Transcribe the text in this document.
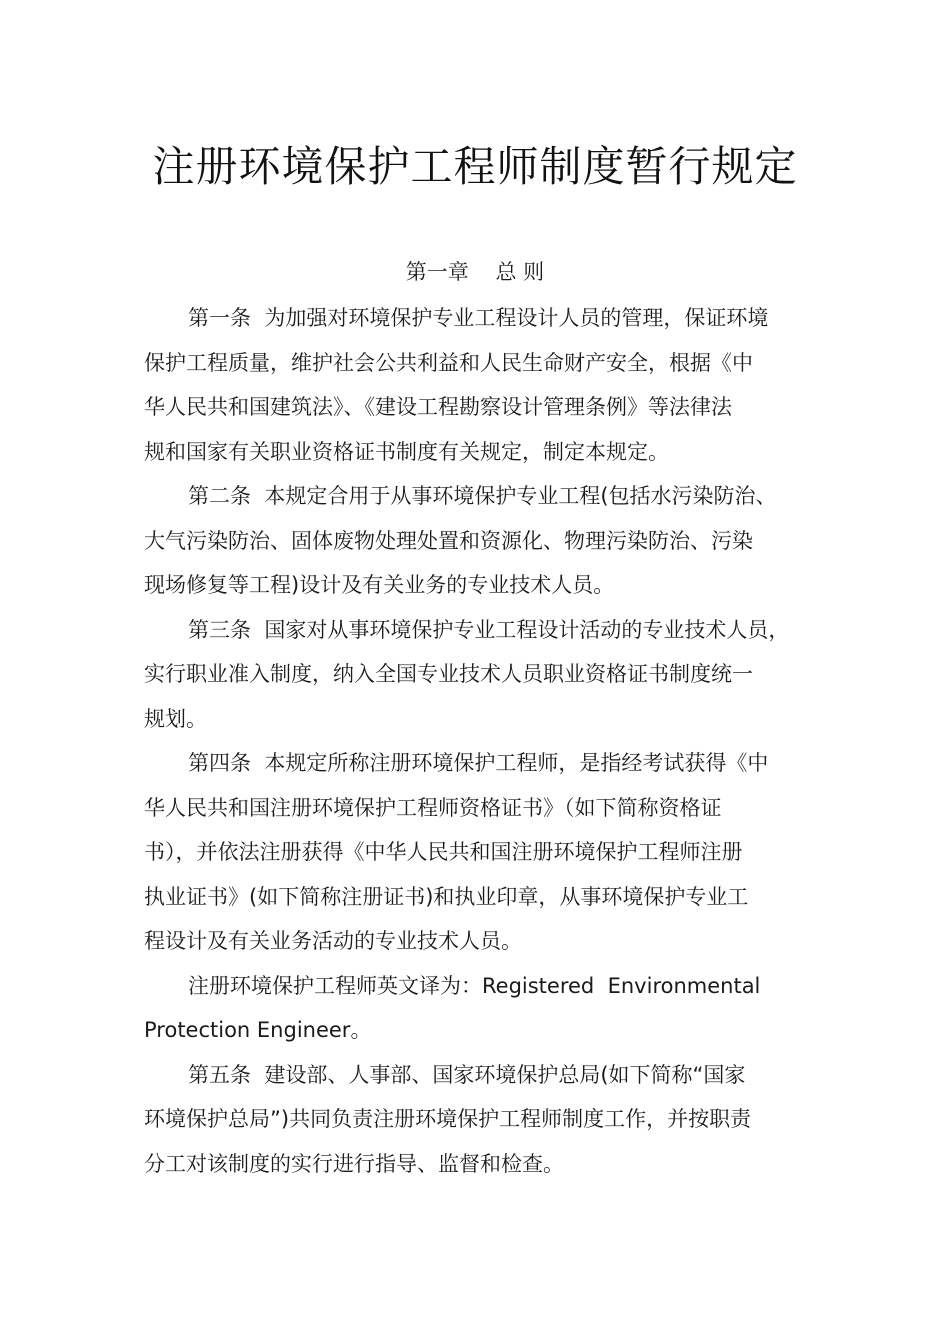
注册环境保护工程师制度暂行规定
第一章    总 则

第一条  为加强对环境保护专业工程设计人员的管理，保证环境

保护工程质量，维护社会公共利益和人民生命财产安全，根据《中

华人民共和国建筑法》、《建设工程勘察设计管理条例》等法律法

规和国家有关职业资格证书制度有关规定，制定本规定。

第二条  本规定合用于从事环境保护专业工程(包括水污染防治、

大气污染防治、固体废物处理处置和资源化、物理污染防治、污染

现场修复等工程)设计及有关业务的专业技术人员。

第三条  国家对从事环境保护专业工程设计活动的专业技术人员，

实行职业准入制度，纳入全国专业技术人员职业资格证书制度统一

规划。

第四条  本规定所称注册环境保护工程师，是指经考试获得《中

华人民共和国注册环境保护工程师资格证书》（如下简称资格证

书），并依法注册获得《中华人民共和国注册环境保护工程师注册

执业证书》(如下简称注册证书)和执业印章，从事环境保护专业工

程设计及有关业务活动的专业技术人员。

注册环境保护工程师英文译为：Registered  Environmental

Protection Engineer。

第五条  建设部、人事部、国家环境保护总局(如下简称“国家

环境保护总局”)共同负责注册环境保护工程师制度工作，并按职责

分工对该制度的实行进行指导、监督和检查。
